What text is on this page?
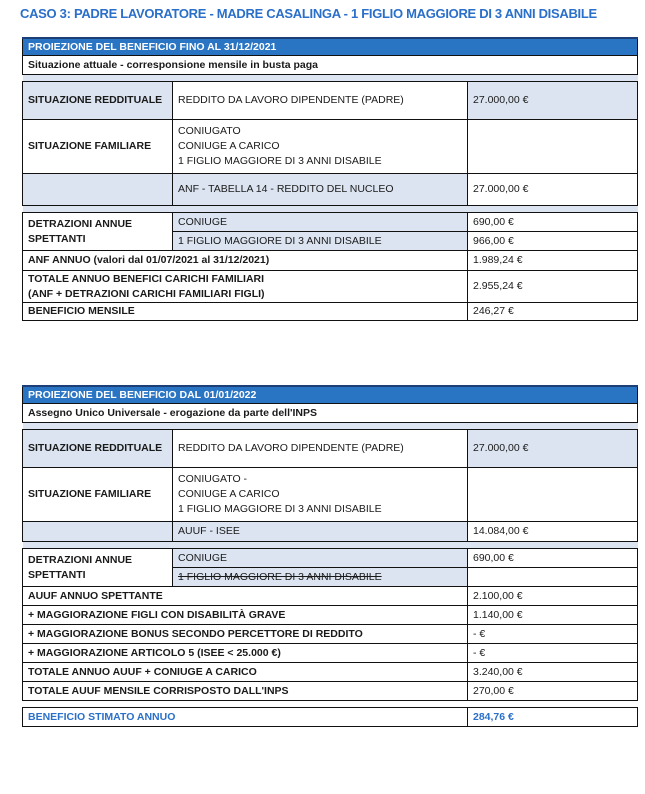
CASO 3: PADRE LAVORATORE - MADRE CASALINGA - 1 FIGLIO MAGGIORE DI 3 ANNI DISABILE
PROIEZIONE DEL BENEFICIO FINO AL 31/12/2021		
Situazione attuale - corresponsione mensile in busta paga		

SITUAZIONE REDDITUALE	REDDITO DA LAVORO DIPENDENTE (PADRE)	27.000,00 €
SITUAZIONE FAMILIARE	CONIUGATO
CONIUGE A CARICO
1 FIGLIO MAGGIORE DI 3 ANNI DISABILE	

	ANF - TABELLA 14 - REDDITO DEL NUCLEO	27.000,00 €

DETRAZIONI ANNUE SPETTANTI	CONIUGE	690,00 €
	1 FIGLIO MAGGIORE DI 3 ANNI DISABILE	966,00 €
ANF ANNUO (valori dal 01/07/2021 al 31/12/2021)		1.989,24 €

TOTALE ANNUO BENEFICI CARICHI FAMILIARI
(ANF + DETRAZIONI CARICHI FAMILIARI FIGLI)		2.955,24 €
BENEFICIO MENSILE		246,27 €
PROIEZIONE DEL BENEFICIO DAL 01/01/2022		
Assegno Unico Universale - erogazione da parte dell'INPS		

SITUAZIONE REDDITUALE	REDDITO DA LAVORO DIPENDENTE (PADRE)	27.000,00 €
SITUAZIONE FAMILIARE	CONIUGATO -
CONIUGE A CARICO
1 FIGLIO MAGGIORE DI 3 ANNI DISABILE	

	AUUF - ISEE	14.084,00 €

DETRAZIONI ANNUE SPETTANTI	CONIUGE	690,00 €
	1 FIGLIO MAGGIORE DI 3 ANNI DISABILE	
AUUF ANNUO SPETTANTE		2.100,00 €
+ MAGGIORAZIONE FIGLI CON DISABILITÀ GRAVE		1.140,00 €
+ MAGGIORAZIONE BONUS SECONDO PERCETTORE DI REDDITO		- €
+ MAGGIORAZIONE ARTICOLO 5 (ISEE < 25.000 €)		- €
TOTALE ANNUO AUUF + CONIUGE A CARICO		3.240,00 €
TOTALE AUUF MENSILE CORRISPOSTO DALL'INPS		270,00 €

BENEFICIO STIMATO ANNUO		284,76 €
